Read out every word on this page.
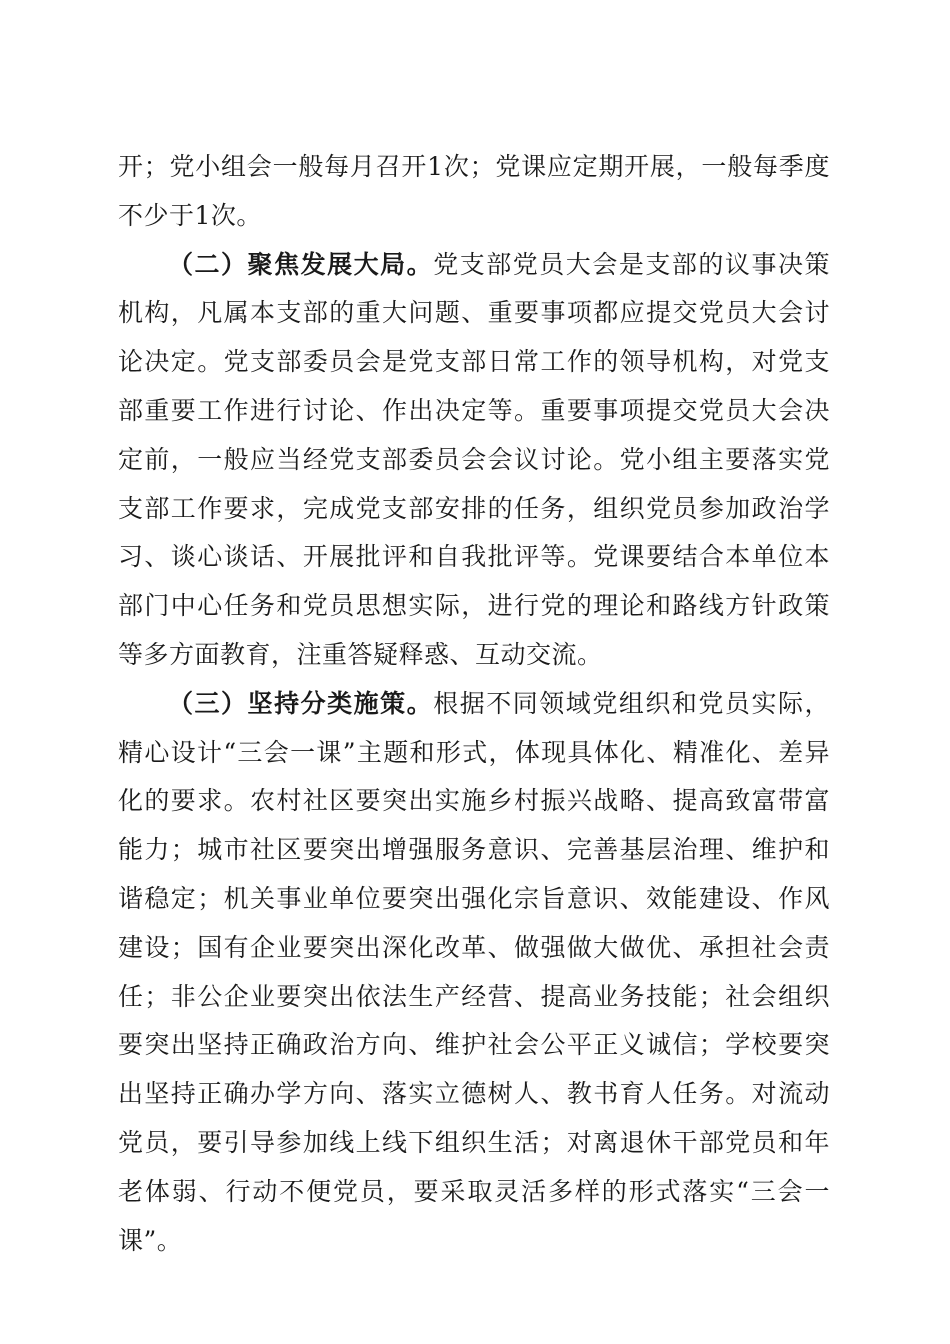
开；党小组会一般每月召开1次；党课应定期开展，一般每季度不少于1次。

（二）聚焦发展大局。党支部党员大会是支部的议事决策机构，凡属本支部的重大问题、重要事项都应提交党员大会讨论决定。党支部委员会是党支部日常工作的领导机构，对党支部重要工作进行讨论、作出决定等。重要事项提交党员大会决定前，一般应当经党支部委员会会议讨论。党小组主要落实党支部工作要求，完成党支部安排的任务，组织党员参加政治学习、谈心谈话、开展批评和自我批评等。党课要结合本单位本部门中心任务和党员思想实际，进行党的理论和路线方针政策等多方面教育，注重答疑释惑、互动交流。

（三）坚持分类施策。根据不同领域党组织和党员实际，精心设计“三会一课”主题和形式，体现具体化、精准化、差异化的要求。农村社区要突出实施乡村振兴战略、提高致富带富能力；城市社区要突出增强服务意识、完善基层治理、维护和谐稳定；机关事业单位要突出强化宗旨意识、效能建设、作风建设；国有企业要突出深化改革、做强做大做优、承担社会责任；非公企业要突出依法生产经营、提高业务技能；社会组织要突出坚持正确政治方向、维护社会公平正义诚信；学校要突出坚持正确办学方向、落实立德树人、教书育人任务。对流动党员，要引导参加线上线下组织生活；对离退休干部党员和年老体弱、行动不便党员，要采取灵活多样的形式落实“三会一课”。
